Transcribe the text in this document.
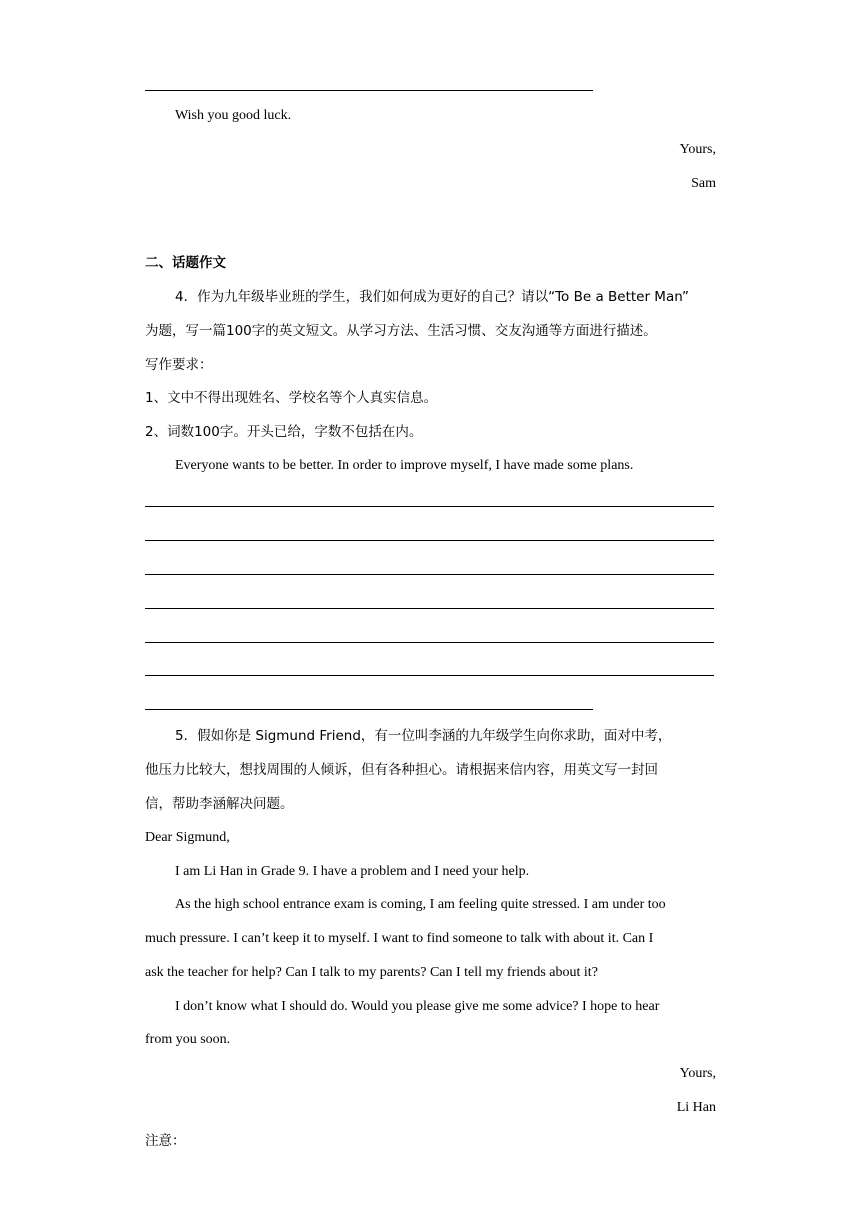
Wish you good luck.
Yours,
Sam
二、话题作文
4．作为九年级毕业班的学生，我们如何成为更好的自己？请以“To Be a Better Man”
为题，写一篇100字的英文短文。从学习方法、生活习惯、交友沟通等方面进行描述。
写作要求：
1、文中不得出现姓名、学校名等个人真实信息。
2、词数100字。开头已给，字数不包括在内。
Everyone wants to be better. In order to improve myself, I have made some plans.
5．假如你是 Sigmund Friend，有一位叫李涵的九年级学生向你求助，面对中考，
他压力比较大，想找周围的人倾诉，但有各种担心。请根据来信内容，用英文写一封回
信，帮助李涵解决问题。
Dear Sigmund,
I am Li Han in Grade 9. I have a problem and I need your help.
As the high school entrance exam is coming, I am feeling quite stressed. I am under too
much pressure. I can’t keep it to myself. I want to find someone to talk with about it. Can I
ask the teacher for help? Can I talk to my parents? Can I tell my friends about it?
I don’t know what I should do. Would you please give me some advice? I hope to hear
from you soon.
Yours,
Li Han
注意：
